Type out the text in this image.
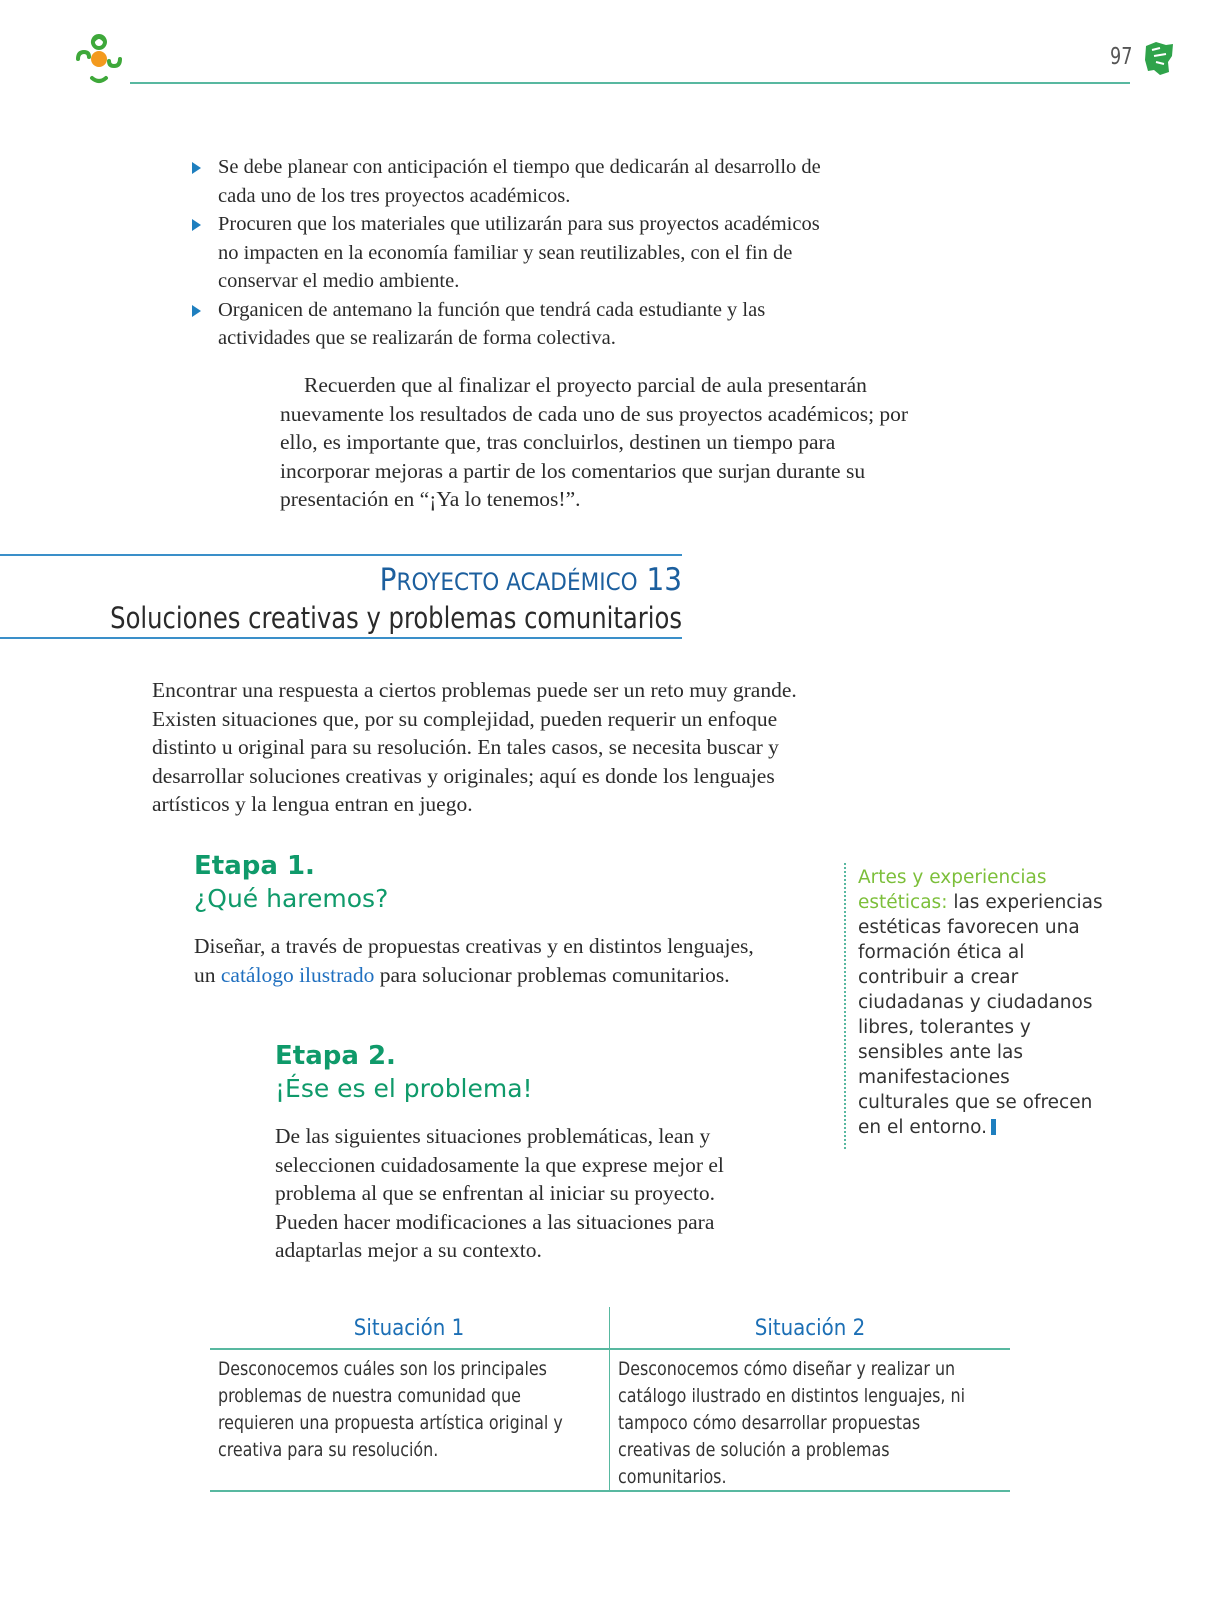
97
Se debe planear con anticipación el tiempo que dedicarán al desarrollo de cada uno de los tres proyectos académicos.
Procuren que los materiales que utilizarán para sus proyectos académicos no impacten en la economía familiar y sean reutilizables, con el fin de conservar el medio ambiente.
Organicen de antemano la función que tendrá cada estudiante y las actividades que se realizarán de forma colectiva.

Recuerden que al finalizar el proyecto parcial de aula presentarán nuevamente los resultados de cada uno de sus proyectos académicos; por ello, es importante que, tras concluirlos, destinen un tiempo para incorporar mejoras a partir de los comentarios que surjan durante su presentación en “¡Ya lo tenemos!”.

PROYECTO ACADÉMICO 13
Soluciones creativas y problemas comunitarios

Encontrar una respuesta a ciertos problemas puede ser un reto muy grande. Existen situaciones que, por su complejidad, pueden requerir un enfoque distinto u original para su resolución. En tales casos, se necesita buscar y desarrollar soluciones creativas y originales; aquí es donde los lenguajes artísticos y la lengua entran en juego.

Etapa 1.
¿Qué haremos?

Diseñar, a través de propuestas creativas y en distintos lenguajes, un catálogo ilustrado para solucionar problemas comunitarios.

Etapa 2.
¡Ése es el problema!

De las siguientes situaciones problemáticas, lean y seleccionen cuidadosamente la que exprese mejor el problema al que se enfrentan al iniciar su proyecto. Pueden hacer modificaciones a las situaciones para adaptarlas mejor a su contexto.

Artes y experiencias estéticas: las experiencias estéticas favorecen una formación ética al contribuir a crear ciudadanas y ciudadanos libres, tolerantes y sensibles ante las manifestaciones culturales que se ofrecen en el entorno.

Situación 1	Situación 2

Desconocemos cuáles son los principales problemas de nuestra comunidad que requieren una propuesta artística original y creativa para su resolución.

Desconocemos cómo diseñar y realizar un catálogo ilustrado en distintos lenguajes, ni tampoco cómo desarrollar propuestas creativas de solución a problemas comunitarios.
